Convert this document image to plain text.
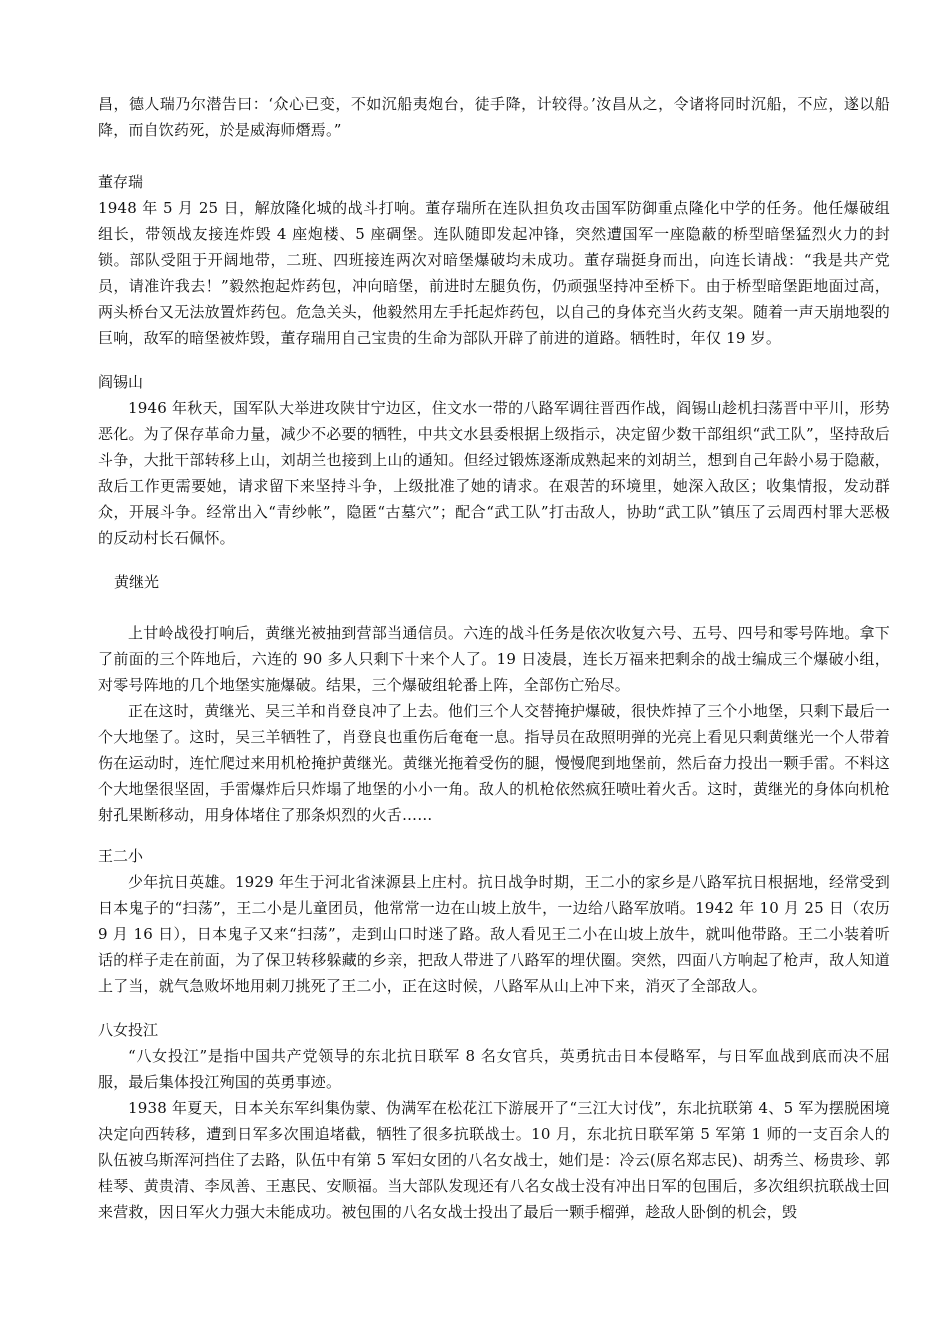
昌，德人瑞乃尔潜告曰：‘众心已变，不如沉船夷炮台，徒手降，计较得。’汝昌从之，令诸将同时沉船，不应，遂以船降，而自饮药死，於是威海师熸焉。”

董存瑞

1948 年 5 月 25 日，解放隆化城的战斗打响。董存瑞所在连队担负攻击国军防御重点隆化中学的任务。他任爆破组组长，带领战友接连炸毁 4 座炮楼、5 座碉堡。连队随即发起冲锋，突然遭国军一座隐蔽的桥型暗堡猛烈火力的封锁。部队受阻于开阔地带，二班、四班接连两次对暗堡爆破均未成功。董存瑞挺身而出，向连长请战：“我是共产党员，请准许我去！”毅然抱起炸药包，冲向暗堡，前进时左腿负伤，仍顽强坚持冲至桥下。由于桥型暗堡距地面过高，两头桥台又无法放置炸药包。危急关头，他毅然用左手托起炸药包，以自己的身体充当火药支架。随着一声天崩地裂的巨响，敌军的暗堡被炸毁，董存瑞用自己宝贵的生命为部队开辟了前进的道路。牺牲时，年仅 19 岁。

阎锡山

1946 年秋天，国军队大举进攻陕甘宁边区，住文水一带的八路军调往晋西作战，阎锡山趁机扫荡晋中平川，形势恶化。为了保存革命力量，减少不必要的牺牲，中共文水县委根据上级指示，决定留少数干部组织“武工队”，坚持敌后斗争，大批干部转移上山，刘胡兰也接到上山的通知。但经过锻炼逐渐成熟起来的刘胡兰，想到自己年龄小易于隐蔽，敌后工作更需要她，请求留下来坚持斗争，上级批准了她的请求。在艰苦的环境里，她深入敌区；收集情报，发动群众，开展斗争。经常出入“青纱帐”，隐匿“古墓穴”；配合“武工队”打击敌人，协助“武工队”镇压了云周西村罪大恶极的反动村长石佩怀。

黄继光

上甘岭战役打响后，黄继光被抽到营部当通信员。六连的战斗任务是依次收复六号、五号、四号和零号阵地。拿下了前面的三个阵地后，六连的 90 多人只剩下十来个人了。19 日凌晨，连长万福来把剩余的战士编成三个爆破小组，对零号阵地的几个地堡实施爆破。结果，三个爆破组轮番上阵，全部伤亡殆尽。

正在这时，黄继光、吴三羊和肖登良冲了上去。他们三个人交替掩护爆破，很快炸掉了三个小地堡，只剩下最后一个大地堡了。这时，吴三羊牺牲了，肖登良也重伤后奄奄一息。指导员在敌照明弹的光亮上看见只剩黄继光一个人带着伤在运动时，连忙爬过来用机枪掩护黄继光。黄继光拖着受伤的腿，慢慢爬到地堡前，然后奋力投出一颗手雷。不料这个大地堡很坚固，手雷爆炸后只炸塌了地堡的小小一角。敌人的机枪依然疯狂喷吐着火舌。这时，黄继光的身体向机枪射孔果断移动，用身体堵住了那条炽烈的火舌……

王二小

少年抗日英雄。1929 年生于河北省涞源县上庄村。抗日战争时期，王二小的家乡是八路军抗日根据地，经常受到日本鬼子的“扫荡”，王二小是儿童团员，他常常一边在山坡上放牛，一边给八路军放哨。1942 年 10 月 25 日（农历 9 月 16 日），日本鬼子又来“扫荡”，走到山口时迷了路。敌人看见王二小在山坡上放牛，就叫他带路。王二小装着听话的样子走在前面，为了保卫转移躲藏的乡亲，把敌人带进了八路军的埋伏圈。突然，四面八方响起了枪声，敌人知道上了当，就气急败坏地用刺刀挑死了王二小，正在这时候，八路军从山上冲下来，消灭了全部敌人。

八女投江

“八女投江”是指中国共产党领导的东北抗日联军 8 名女官兵，英勇抗击日本侵略军，与日军血战到底而决不屈服，最后集体投江殉国的英勇事迹。

1938 年夏天，日本关东军纠集伪蒙、伪满军在松花江下游展开了“三江大讨伐”，东北抗联第 4、5 军为摆脱困境决定向西转移，遭到日军多次围追堵截，牺牲了很多抗联战士。10 月，东北抗日联军第 5 军第 1 师的一支百余人的队伍被乌斯浑河挡住了去路，队伍中有第 5 军妇女团的八名女战士，她们是：冷云(原名郑志民)、胡秀兰、杨贵珍、郭桂琴、黄贵清、李凤善、王惠民、安顺福。当大部队发现还有八名女战士没有冲出日军的包围后，多次组织抗联战士回来营救，因日军火力强大未能成功。被包围的八名女战士投出了最后一颗手榴弹，趁敌人卧倒的机会，毁
